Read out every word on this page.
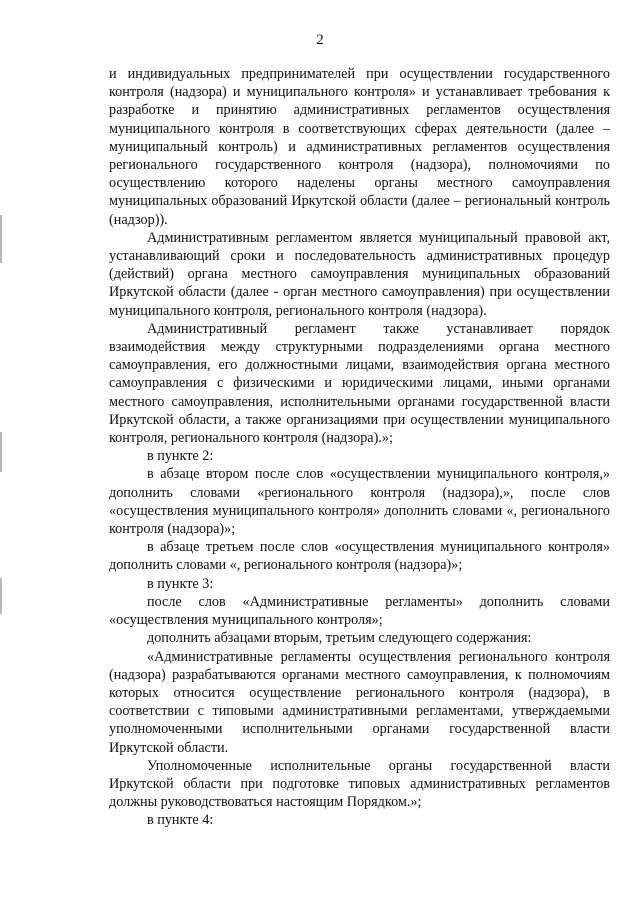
2

и индивидуальных предпринимателей при осуществлении государственного контроля (надзора) и муниципального контроля» и устанавливает требования к разработке и принятию административных регламентов осуществления муниципального контроля в соответствующих сферах деятельности (далее – муниципальный контроль) и административных регламентов осуществления регионального государственного контроля (надзора), полномочиями по осуществлению которого наделены органы местного самоуправления муниципальных образований Иркутской области (далее – региональный контроль (надзор)).

Административным регламентом является муниципальный правовой акт, устанавливающий сроки и последовательность административных процедур (действий) органа местного самоуправления муниципальных образований Иркутской области (далее - орган местного самоуправления) при осуществлении муниципального контроля, регионального контроля (надзора).

Административный регламент также устанавливает порядок взаимодействия между структурными подразделениями органа местного самоуправления, его должностными лицами, взаимодействия органа местного самоуправления с физическими и юридическими лицами, иными органами местного самоуправления, исполнительными органами государственной власти Иркутской области, а также организациями при осуществлении муниципального контроля, регионального контроля (надзора).»;

в пункте 2:

в абзаце втором после слов «осуществлении муниципального контроля,» дополнить словами «регионального контроля (надзора),», после слов «осуществления муниципального контроля» дополнить словами «, регионального контроля (надзора)»;

в абзаце третьем после слов «осуществления муниципального контроля» дополнить словами «, регионального контроля (надзора)»;

в пункте 3:

после слов «Административные регламенты» дополнить словами «осуществления муниципального контроля»;

дополнить абзацами вторым, третьим следующего содержания:

«Административные регламенты осуществления регионального контроля (надзора) разрабатываются органами местного самоуправления, к полномочиям которых относится осуществление регионального контроля (надзора), в соответствии с типовыми административными регламентами, утверждаемыми уполномоченными исполнительными органами государственной власти Иркутской области.

Уполномоченные исполнительные органы государственной власти Иркутской области при подготовке типовых административных регламентов должны руководствоваться настоящим Порядком.»;

в пункте 4:
